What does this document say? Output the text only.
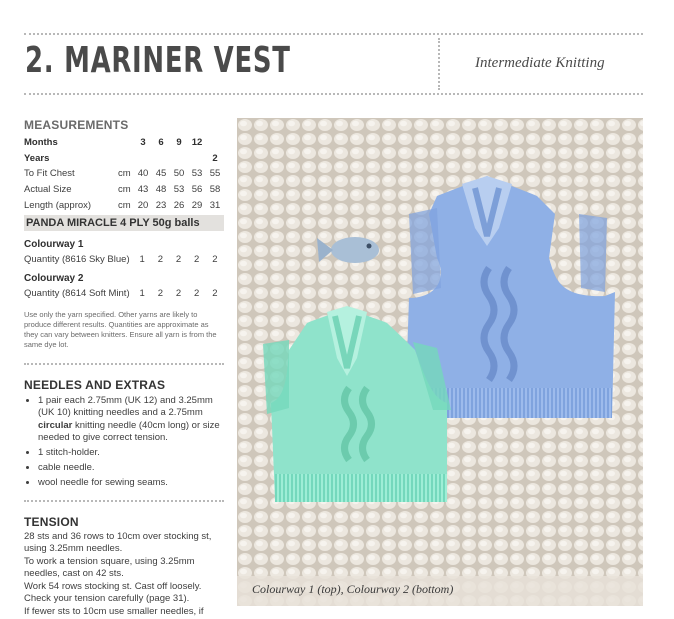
2. MARINER VEST	Intermediate Knitting
MEASUREMENTS
Months		3	6	9	12	
Years						2
To Fit Chest	cm	40	45	50	53	55
Actual Size	cm	43	48	53	56	58
Length (approx)	cm	20	23	26	29	31
PANDA MIRACLE 4 PLY 50g balls
Colourway 1
Quantity (8616 Sky Blue)	1	2	2	2	2
Colourway 2
Quantity (8614 Soft Mint)	1	2	2	2	2
Use only the yarn specified. Other yarns are likely to produce different results. Quantities are approximate as they can vary between knitters. Ensure all yarn is from the same dye lot.
NEEDLES AND EXTRAS
• 1 pair each 2.75mm (UK 12) and 3.25mm (UK 10) knitting needles and a 2.75mm circular knitting needle (40cm long) or size needed to give correct tension.
• 1 stitch-holder.
• cable needle.
• wool needle for sewing seams.
TENSION

28 sts and 36 rows to 10cm over stocking st, using 3.25mm needles.

To work a tension square, using 3.25mm needles, cast on 42 sts.

Work 54 rows stocking st. Cast off loosely.

Check your tension carefully (page 31).

If fewer sts to 10cm use smaller needles, if

Colourway 1 (top), Colourway 2 (bottom)
